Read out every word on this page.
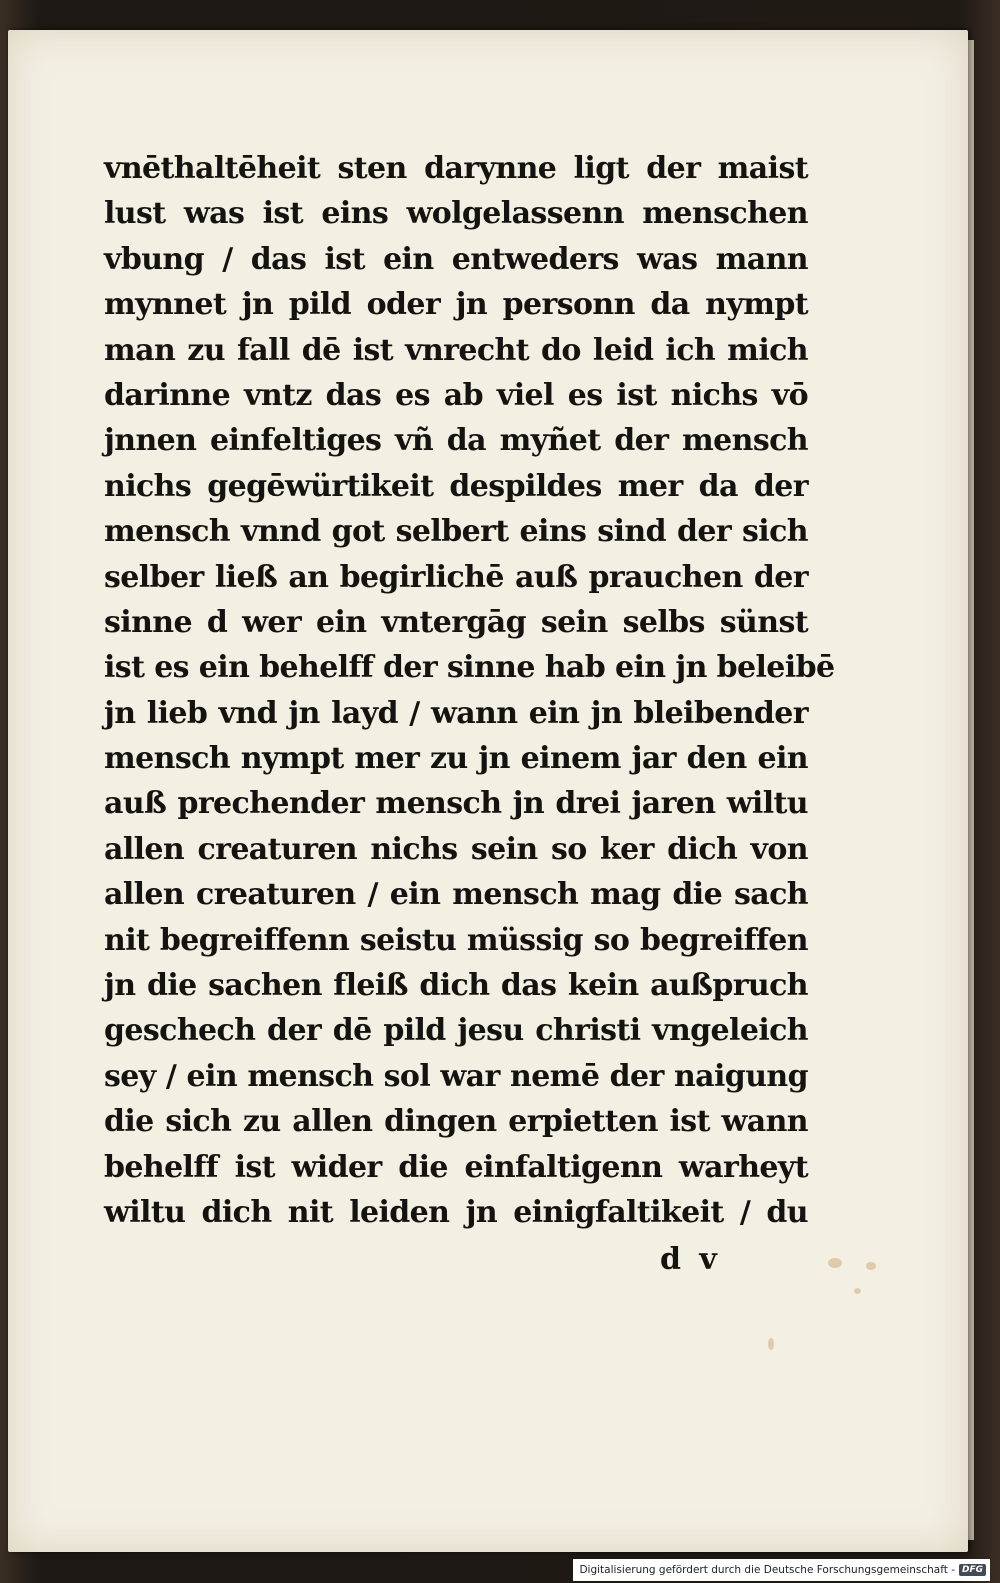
vnēthaltēheit sten darynne ligt der maist
lust was ist eins wolgelassenn menschen
vbung / das ist ein entweders was mann
mynnet jn pild oder jn personn da nympt
man zu fall dē ist vnrecht do leid ich mich
darinne vntz das es ab viel es ist nichs vō
jnnen einfeltiges vñ da myñet der mensch
nichs gegēwürtikeit despildes mer da der
mensch vnnd got selbert eins sind der sich
selber ließ an begirlichē auß prauchen der
sinne d wer ein vntergāg sein selbs sünst
ist es ein behelff der sinne hab ein jn beleibē
jn lieb vnd jn layd / wann ein jn bleibender
mensch nympt mer zu jn einem jar den ein
auß prechender mensch jn drei jaren wiltu
allen creaturen nichs sein so ker dich von
allen creaturen / ein mensch mag die sach
nit begreiffenn seistu müssig so begreiffen
jn die sachen fleiß dich das kein außpruch
geschech der dē pild jesu christi vngeleich
sey / ein mensch sol war nemē der naigung
die sich zu allen dingen erpietten ist wann
behelff ist wider die einfaltigenn warheyt
wiltu dich nit leiden jn einigfaltikeit / du
d v
Digitalisierung gefördert durch die Deutsche Forschungsgemeinschaft - DFG
